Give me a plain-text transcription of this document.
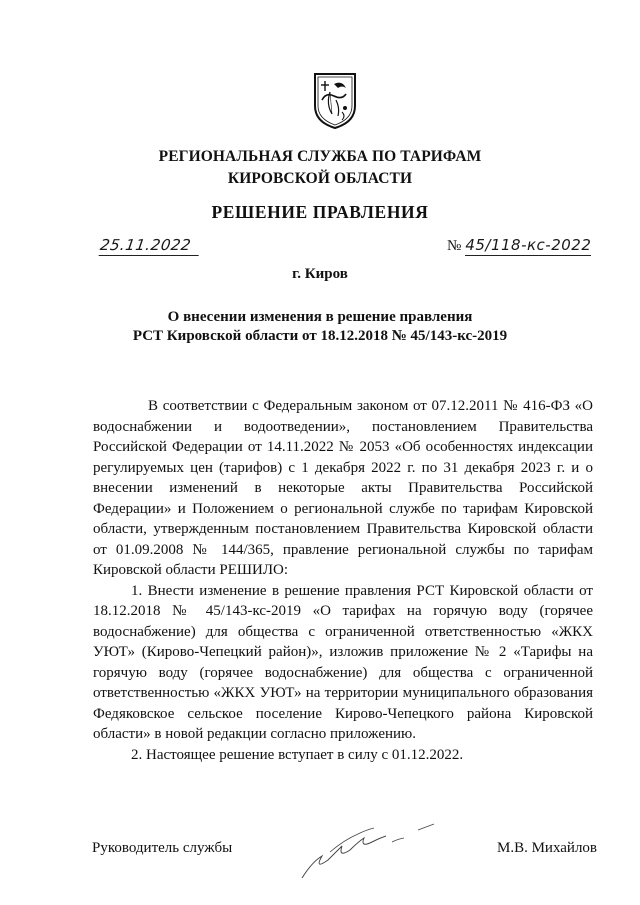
РЕГИОНАЛЬНАЯ СЛУЖБА ПО ТАРИФАМ
КИРОВСКОЙ ОБЛАСТИ
РЕШЕНИЕ ПРАВЛЕНИЯ
25.11.2022	№ 45/118-кс-2022
г. Киров
О внесении изменения в решение правления
РСТ Кировской области от 18.12.2018 № 45/143-кс-2019

В соответствии с Федеральным законом от 07.12.2011 № 416-ФЗ «О водоснабжении и водоотведении», постановлением Правительства Российской Федерации от 14.11.2022 № 2053 «Об особенностях индексации регулируемых цен (тарифов) с 1 декабря 2022 г. по 31 декабря 2023 г. и о внесении изменений в некоторые акты Правительства Российской Федерации» и Положением о региональной службе по тарифам Кировской области, утвержденным постановлением Правительства Кировской области от 01.09.2008 № 144/365, правление региональной службы по тарифам Кировской области РЕШИЛО:

1. Внести изменение в решение правления РСТ Кировской области от 18.12.2018 № 45/143-кс-2019 «О тарифах на горячую воду (горячее водоснабжение) для общества с ограниченной ответственностью «ЖКХ УЮТ» (Кирово-Чепецкий район)», изложив приложение № 2 «Тарифы на горячую воду (горячее водоснабжение) для общества с ограниченной ответственностью «ЖКХ УЮТ» на территории муниципального образования Федяковское сельское поселение Кирово-Чепецкого района Кировской области» в новой редакции согласно приложению.

2. Настоящее решение вступает в силу с 01.12.2022.

Руководитель службы	М.В. Михайлов
